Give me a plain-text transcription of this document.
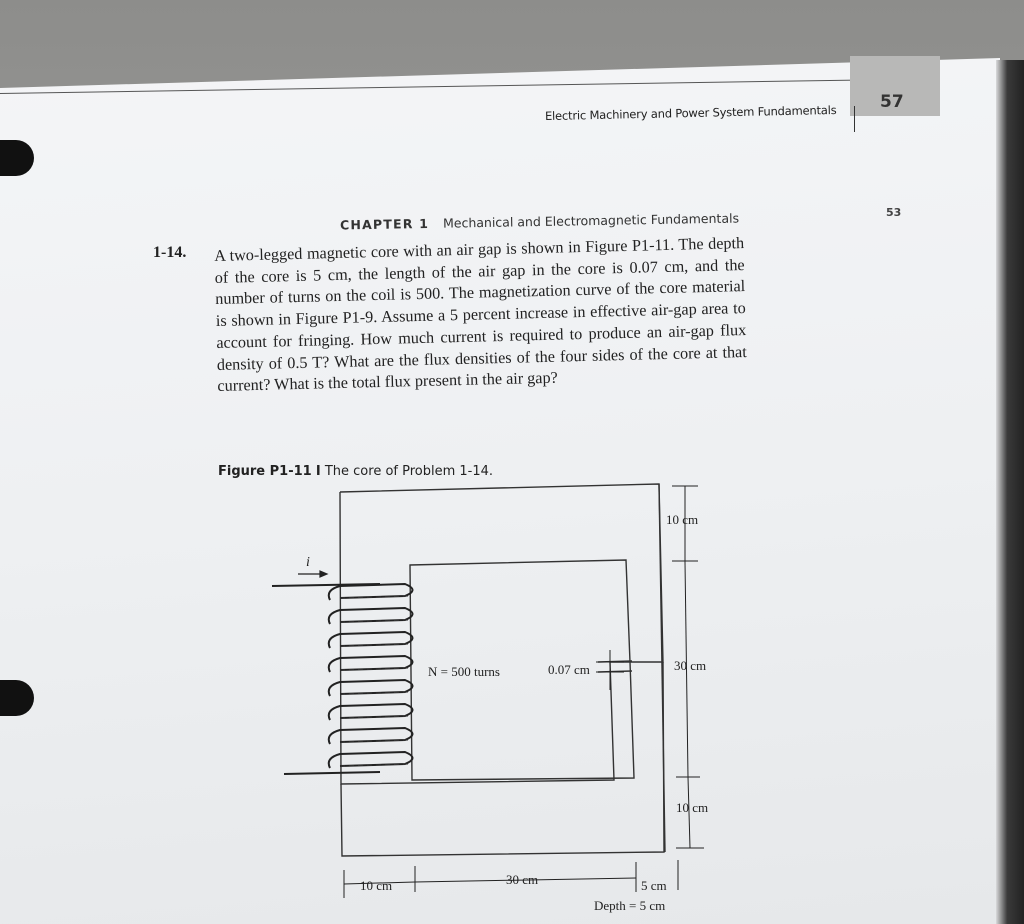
57
Electric Machinery and Power System Fundamentals
53
CHAPTER 1 Mechanical and Electromagnetic Fundamentals
1-14. A two-legged magnetic core with an air gap is shown in Figure P1-11. The depth of the core is 5 cm, the length of the air gap in the core is 0.07 cm, and the number of turns on the coil is 500. The magnetization curve of the core material is shown in Figure P1-9. Assume a 5 percent increase in effective air-gap area to account for fringing. How much current is required to produce an air-gap flux density of 0.5 T? What are the flux densities of the four sides of the core at that current? What is the total flux present in the air gap?
Figure P1-11 I The core of Problem 1-14.
i
N = 500 turns	0.07 cm
10 cm
30 cm
10 cm
10 cm	30 cm	5 cm
Depth = 5 cm
